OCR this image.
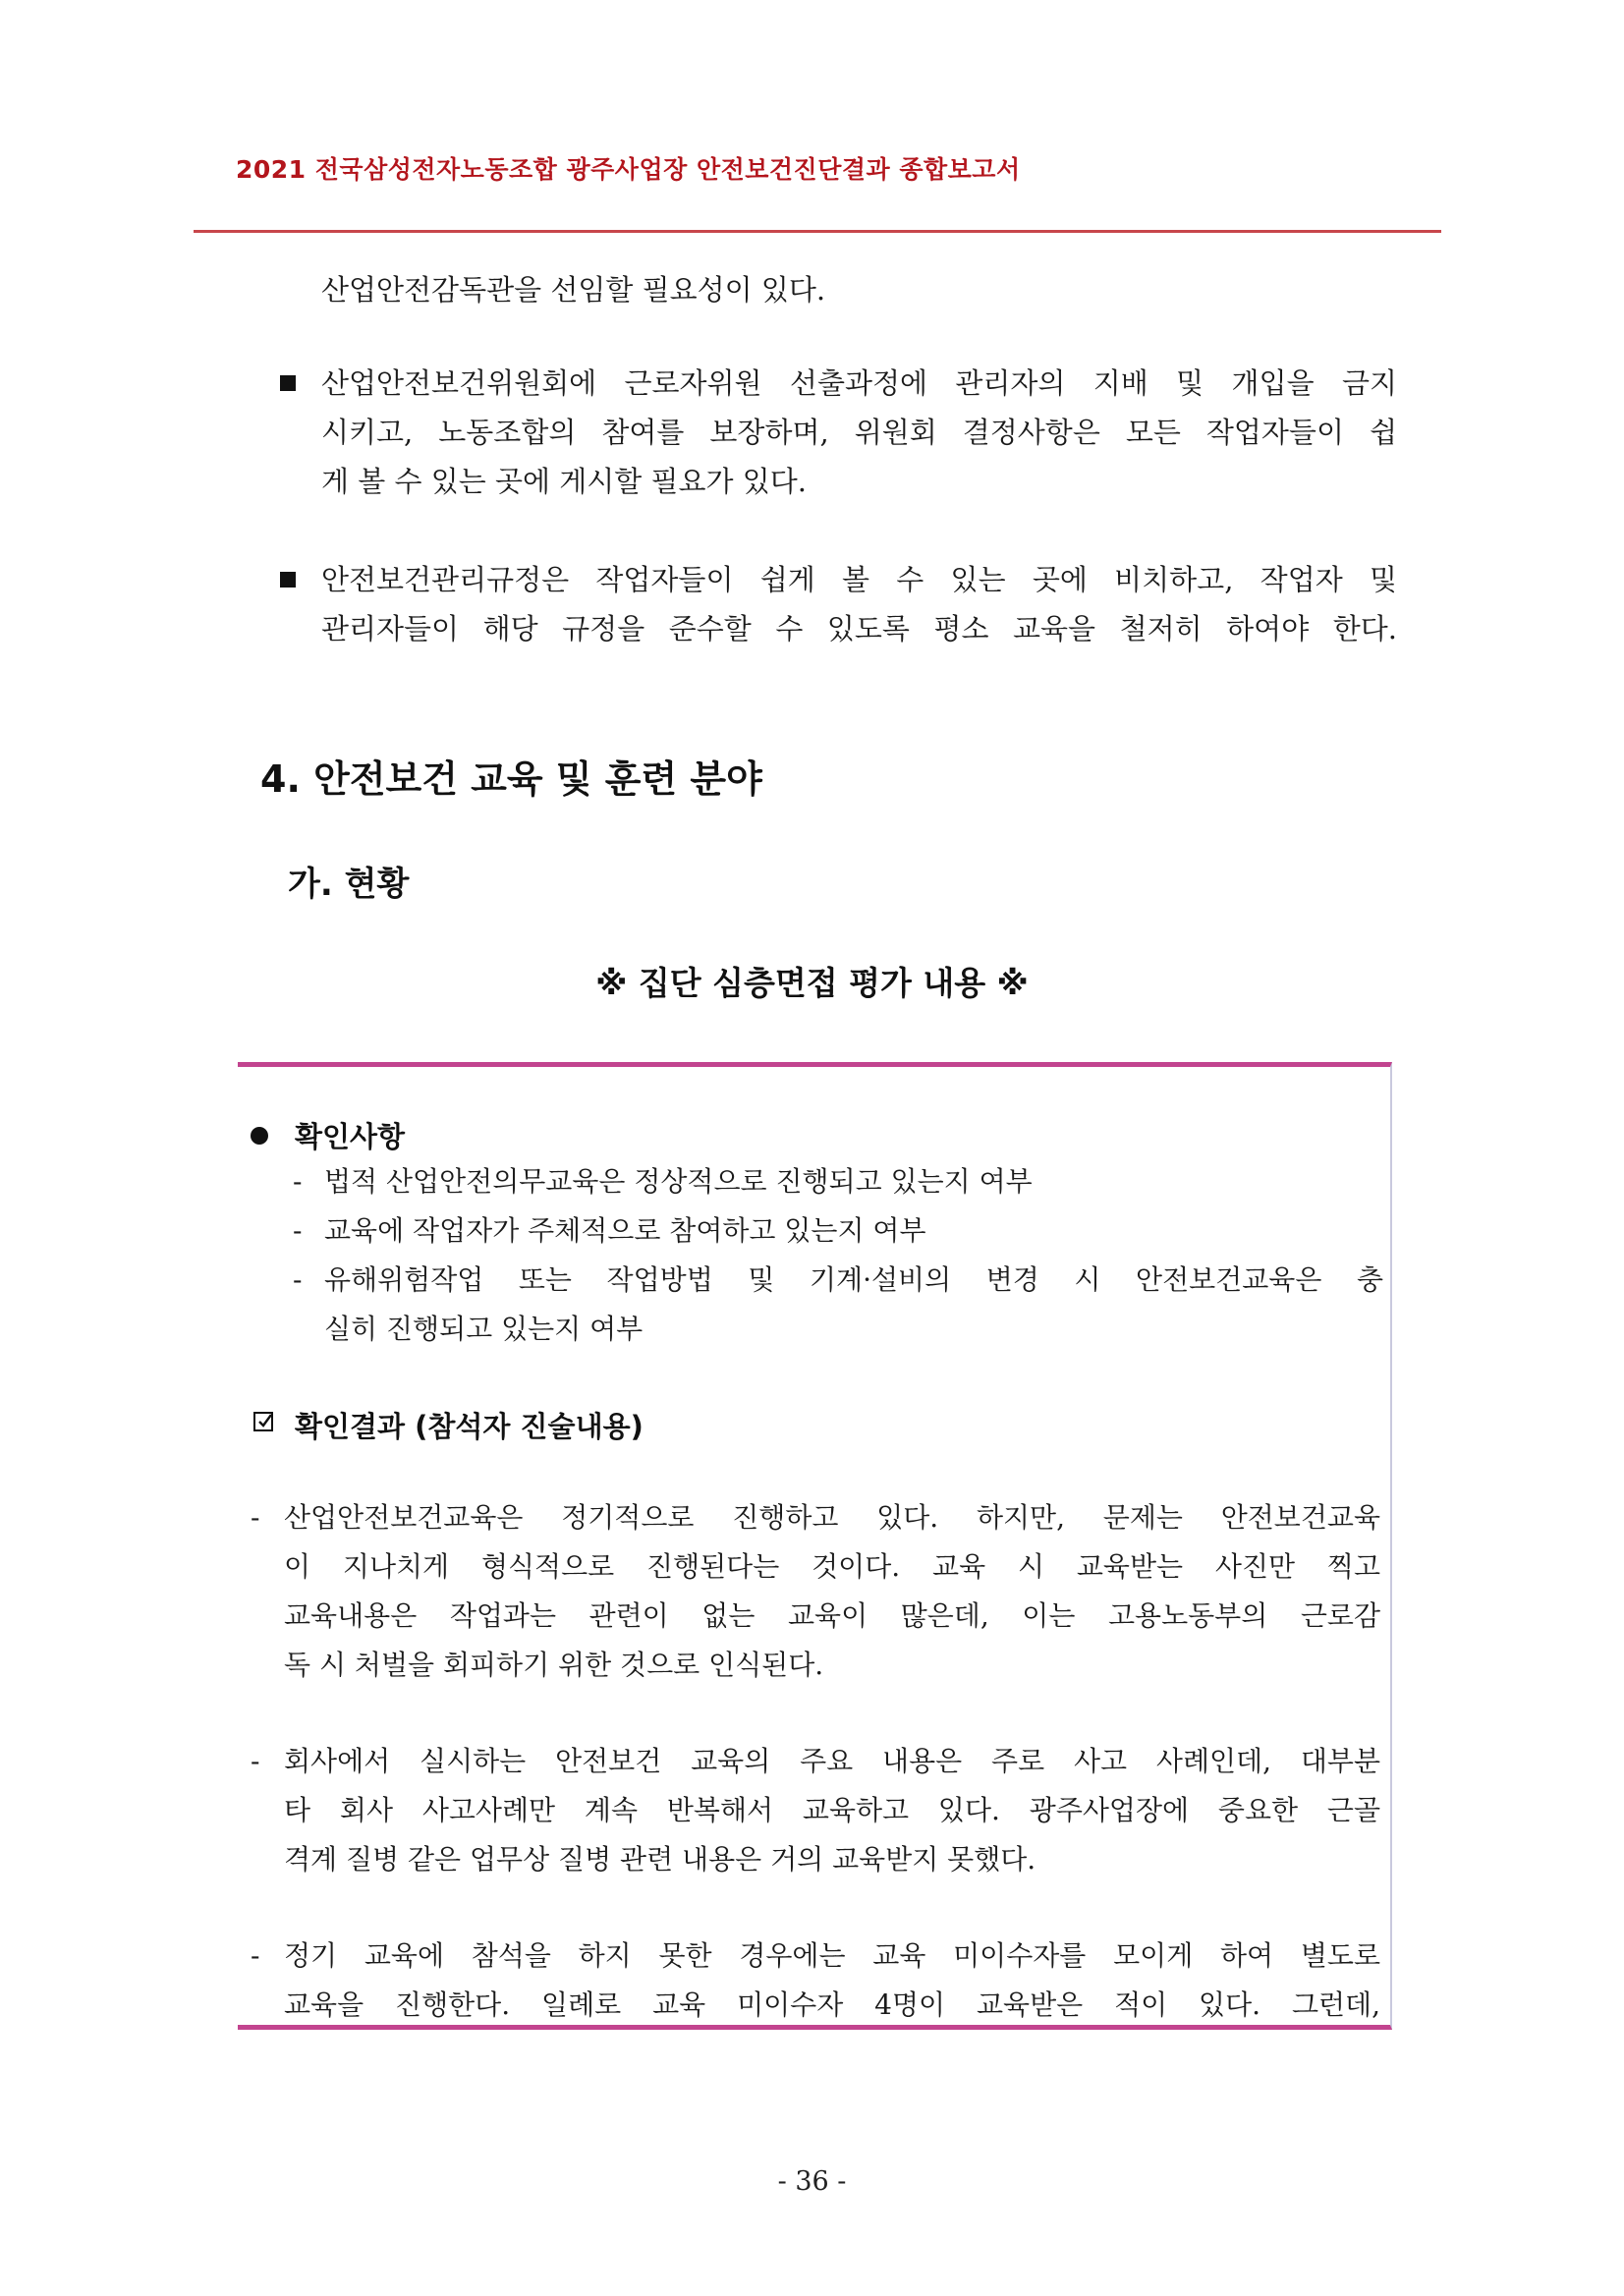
2021 전국삼성전자노동조합 광주사업장 안전보건진단결과 종합보고서
산업안전감독관을 선임할 필요성이 있다.
산업안전보건위원회에 근로자위원 선출과정에 관리자의 지배 및 개입을 금지
시키고, 노동조합의 참여를 보장하며, 위원회 결정사항은 모든 작업자들이 쉽
게 볼 수 있는 곳에 게시할 필요가 있다.
안전보건관리규정은 작업자들이 쉽게 볼 수 있는 곳에 비치하고, 작업자 및
관리자들이 해당 규정을 준수할 수 있도록 평소 교육을 철저히 하여야 한다.
4. 안전보건 교육 및 훈련 분야
가. 현황
※ 집단 심층면접 평가 내용 ※
확인사항
- 법적 산업안전의무교육은 정상적으로 진행되고 있는지 여부
- 교육에 작업자가 주체적으로 참여하고 있는지 여부
- 유해위험작업 또는 작업방법 및 기계·설비의 변경 시 안전보건교육은 충
실히 진행되고 있는지 여부
확인결과 (참석자 진술내용)
- 산업안전보건교육은 정기적으로 진행하고 있다. 하지만, 문제는 안전보건교육
이 지나치게 형식적으로 진행된다는 것이다. 교육 시 교육받는 사진만 찍고
교육내용은 작업과는 관련이 없는 교육이 많은데, 이는 고용노동부의 근로감
독 시 처벌을 회피하기 위한 것으로 인식된다.
- 회사에서 실시하는 안전보건 교육의 주요 내용은 주로 사고 사례인데, 대부분
타 회사 사고사례만 계속 반복해서 교육하고 있다. 광주사업장에 중요한 근골
격계 질병 같은 업무상 질병 관련 내용은 거의 교육받지 못했다.
- 정기 교육에 참석을 하지 못한 경우에는 교육 미이수자를 모이게 하여 별도로
교육을 진행한다. 일례로 교육 미이수자 4명이 교육받은 적이 있다. 그런데,
- 36 -
